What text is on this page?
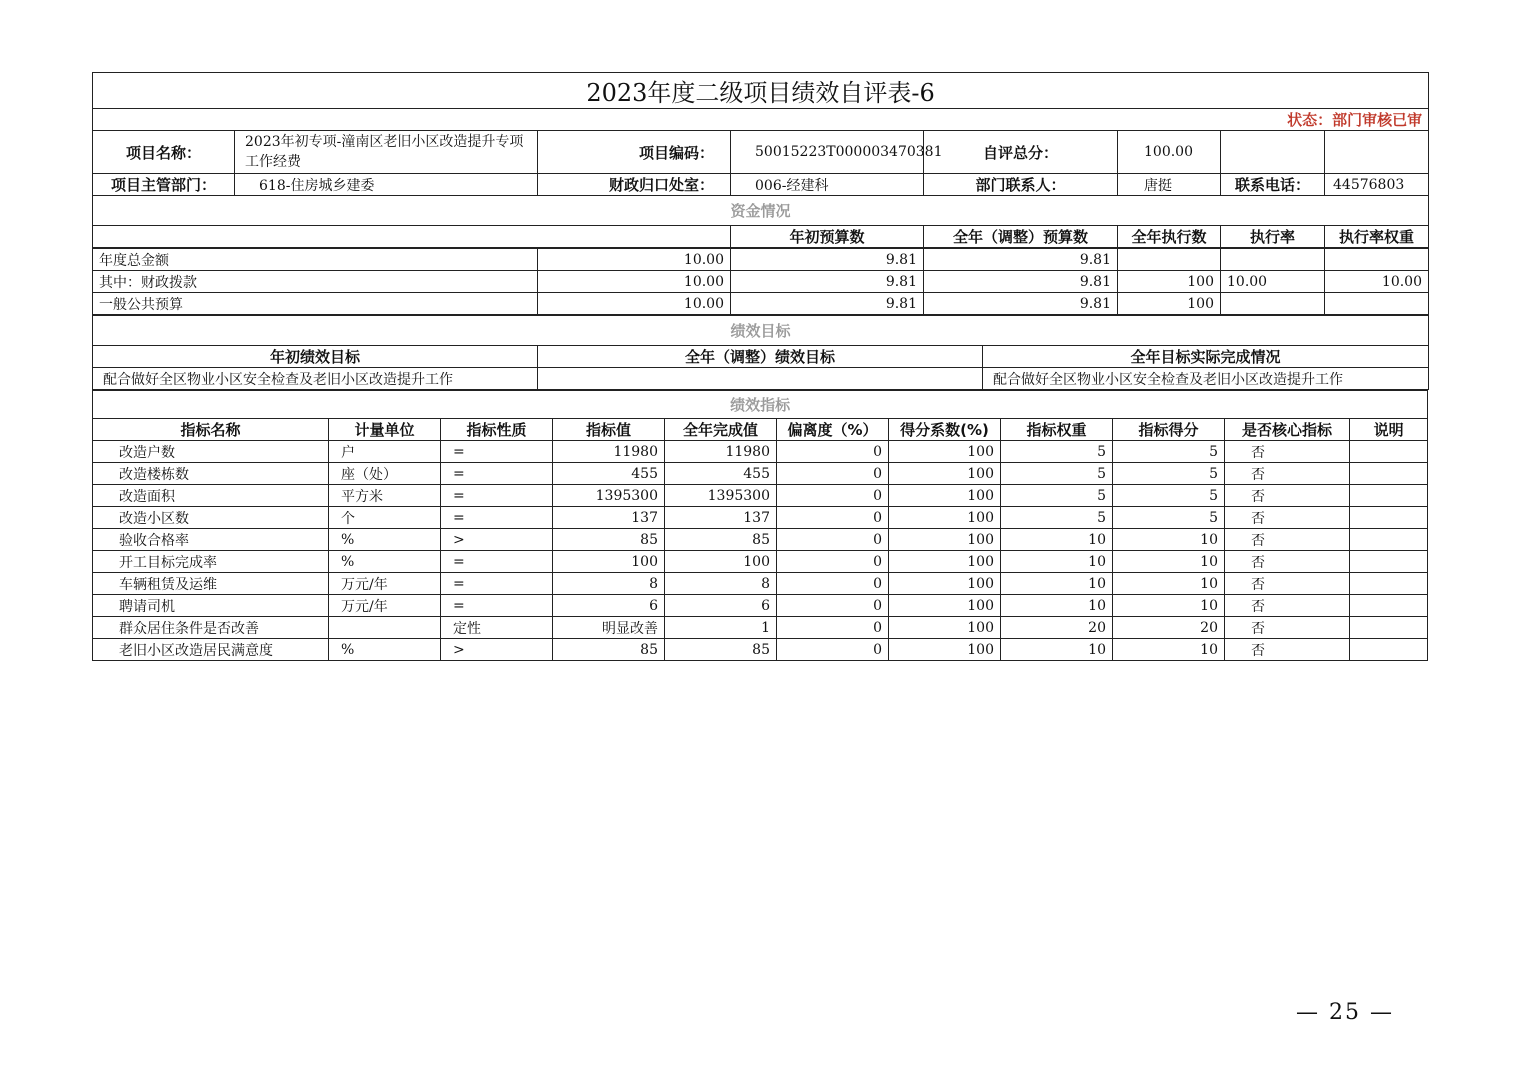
2023年度二级项目绩效自评表-6							
状态：部门审核已审							
项目名称：	2023年初专项-潼南区老旧小区改造提升专项工作经费	项目编码：	50015223T000003470381	自评总分：	100.00		
项目主管部门：	618-住房城乡建委	财政归口处室：	006-经建科	部门联系人：	唐挺	联系电话：	44576803
资金情况							
			年初预算数	全年（调整）预算数	全年执行数	执行率	执行率权重
年度总金额	10.00	9.81	9.81			
其中：财政拨款	10.00	9.81	9.81	100	10.00	10.00
一般公共预算	10.00	9.81	9.81	100		
绩效目标		
年初绩效目标	全年（调整）绩效目标	全年目标实际完成情况
配合做好全区物业小区安全检查及老旧小区改造提升工作		配合做好全区物业小区安全检查及老旧小区改造提升工作
绩效指标										
指标名称	计量单位	指标性质	指标值	全年完成值	偏离度（%）	得分系数(%)	指标权重	指标得分	是否核心指标	说明
改造户数	户	=	11980	11980	0	100	5	5	否	
改造楼栋数	座（处）	=	455	455	0	100	5	5	否	
改造面积	平方米	=	1395300	1395300	0	100	5	5	否	
改造小区数	个	=	137	137	0	100	5	5	否	
验收合格率	%	>	85	85	0	100	10	10	否	
开工目标完成率	%	=	100	100	0	100	10	10	否	
车辆租赁及运维	万元/年	=	8	8	0	100	10	10	否	
聘请司机	万元/年	=	6	6	0	100	10	10	否	
群众居住条件是否改善		定性	明显改善	1	0	100	20	20	否	
老旧小区改造居民满意度	%	>	85	85	0	100	10	10	否	
— 25 —
